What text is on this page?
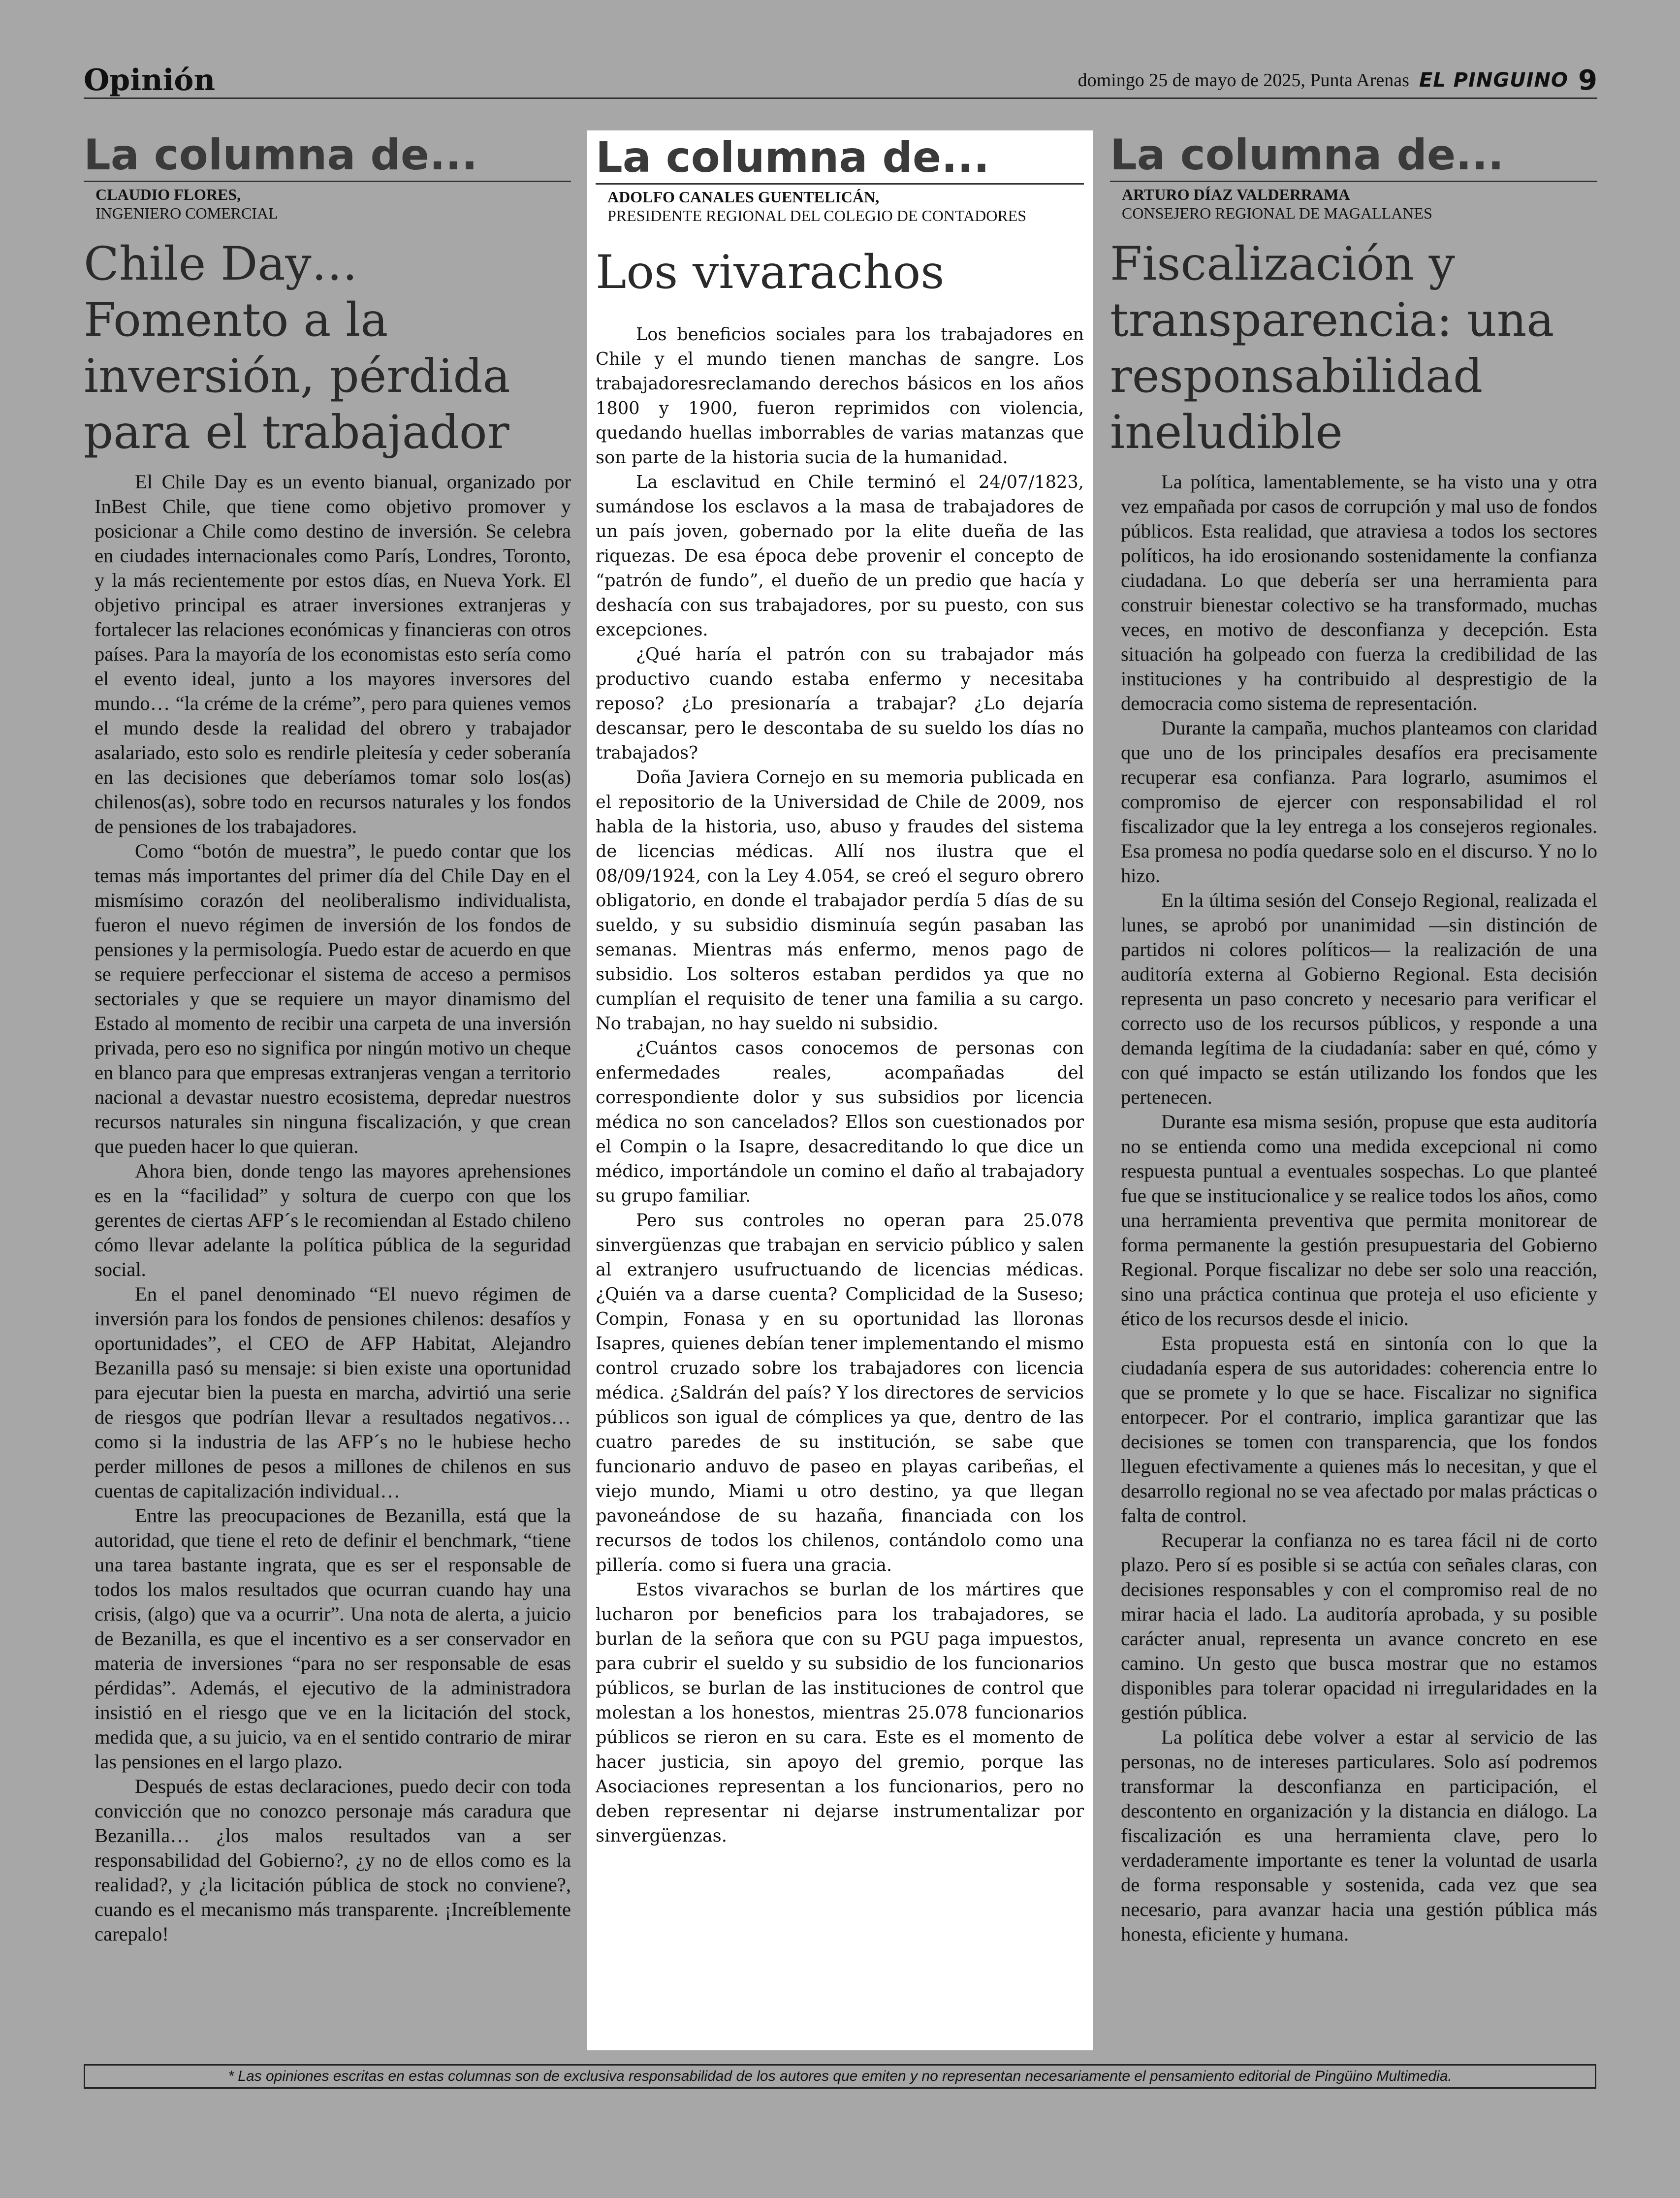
Opinión	domingo 25 de mayo de 2025, Punta Arenas EL PINGUINO 9
La columna de...
CLAUDIO FLORES,
INGENIERO COMERCIAL
Chile Day… Fomento a la inversión, pérdida para el trabajador

El Chile Day es un evento bianual, organizado por InBest Chile, que tiene como objetivo promover y posicionar a Chile como destino de inversión. Se celebra en ciudades internacionales como París, Londres, Toronto, y la más recientemente por estos días, en Nueva York. El objetivo principal es atraer inversiones extranjeras y fortalecer las relaciones económicas y financieras con otros países. Para la mayoría de los economistas esto sería como el evento ideal, junto a los mayores inversores del mundo… “la créme de la créme”, pero para quienes vemos el mundo desde la realidad del obrero y trabajador asalariado, esto solo es rendirle pleitesía y ceder soberanía en las decisiones que deberíamos tomar solo los(as) chilenos(as), sobre todo en recursos naturales y los fondos de pensiones de los trabajadores.

Como “botón de muestra”, le puedo contar que los temas más importantes del primer día del Chile Day en el mismísimo corazón del neoliberalismo individualista, fueron el nuevo régimen de inversión de los fondos de pensiones y la permisología. Puedo estar de acuerdo en que se requiere perfeccionar el sistema de acceso a permisos sectoriales y que se requiere un mayor dinamismo del Estado al momento de recibir una carpeta de una inversión privada, pero eso no significa por ningún motivo un cheque en blanco para que empresas extranjeras vengan a territorio nacional a devastar nuestro ecosistema, depredar nuestros recursos naturales sin ninguna fiscalización, y que crean que pueden hacer lo que quieran.

Ahora bien, donde tengo las mayores aprehensiones es en la “facilidad” y soltura de cuerpo con que los gerentes de ciertas AFP´s le recomiendan al Estado chileno cómo llevar adelante la política pública de la seguridad social.

En el panel denominado “El nuevo régimen de inversión para los fondos de pensiones chilenos: desafíos y oportunidades”, el CEO de AFP Habitat, Alejandro Bezanilla pasó su mensaje: si bien existe una oportunidad para ejecutar bien la puesta en marcha, advirtió una serie de riesgos que podrían llevar a resultados negativos… como si la industria de las AFP´s no le hubiese hecho perder millones de pesos a millones de chilenos en sus cuentas de capitalización individual…

Entre las preocupaciones de Bezanilla, está que la autoridad, que tiene el reto de definir el benchmark, “tiene una tarea bastante ingrata, que es ser el responsable de todos los malos resultados que ocurran cuando hay una crisis, (algo) que va a ocurrir”. Una nota de alerta, a juicio de Bezanilla, es que el incentivo es a ser conservador en materia de inversiones “para no ser responsable de esas pérdidas”. Además, el ejecutivo de la administradora insistió en el riesgo que ve en la licitación del stock, medida que, a su juicio, va en el sentido contrario de mirar las pensiones en el largo plazo.

Después de estas declaraciones, puedo decir con toda convicción que no conozco personaje más caradura que Bezanilla… ¿los malos resultados van a ser responsabilidad del Gobierno?, ¿y no de ellos como es la realidad?, y ¿la licitación pública de stock no conviene?, cuando es el mecanismo más transparente. ¡Increíblemente carepalo!

La columna de...
ADOLFO CANALES GUENTELICÁN,
PRESIDENTE REGIONAL DEL COLEGIO DE CONTADORES
Los vivarachos

Los beneficios sociales para los trabajadores en Chile y el mundo tienen manchas de sangre. Los trabajadoresreclamando derechos básicos en los años 1800 y 1900, fueron reprimidos con violencia, quedando huellas imborrables de varias matanzas que son parte de la historia sucia de la humanidad.

La esclavitud en Chile terminó el 24/07/1823, sumándose los esclavos a la masa de trabajadores de un país joven, gobernado por la elite dueña de las riquezas. De esa época debe provenir el concepto de “patrón de fundo”, el dueño de un predio que hacía y deshacía con sus trabajadores, por su puesto, con sus excepciones.

¿Qué haría el patrón con su trabajador más productivo cuando estaba enfermo y necesitaba reposo? ¿Lo presionaría a trabajar? ¿Lo dejaría descansar, pero le descontaba de su sueldo los días no trabajados?

Doña Javiera Cornejo en su memoria publicada en el repositorio de la Universidad de Chile de 2009, nos habla de la historia, uso, abuso y fraudes del sistema de licencias médicas. Allí nos ilustra que el 08/09/1924, con la Ley 4.054, se creó el seguro obrero obligatorio, en donde el trabajador perdía 5 días de su sueldo, y su subsidio disminuía según pasaban las semanas. Mientras más enfermo, menos pago de subsidio. Los solteros estaban perdidos ya que no cumplían el requisito de tener una familia a su cargo. No trabajan, no hay sueldo ni subsidio.

¿Cuántos casos conocemos de personas con enfermedades reales, acompañadas del correspondiente dolor y sus subsidios por licencia médica no son cancelados? Ellos son cuestionados por el Compin o la Isapre, desacreditando lo que dice un médico, importándole un comino el daño al trabajadory su grupo familiar.

Pero sus controles no operan para 25.078 sinvergüenzas que trabajan en servicio público y salen al extranjero usufructuando de licencias médicas. ¿Quién va a darse cuenta? Complicidad de la Suseso; Compin, Fonasa y en su oportunidad las lloronas Isapres, quienes debían tener implementando el mismo control cruzado sobre los trabajadores con licencia médica. ¿Saldrán del país? Y los directores de servicios públicos son igual de cómplices ya que, dentro de las cuatro paredes de su institución, se sabe que funcionario anduvo de paseo en playas caribeñas, el viejo mundo, Miami u otro destino, ya que llegan pavoneándose de su hazaña, financiada con los recursos de todos los chilenos, contándolo como una pillería. como si fuera una gracia.

Estos vivarachos se burlan de los mártires que lucharon por beneficios para los trabajadores, se burlan de la señora que con su PGU paga impuestos, para cubrir el sueldo y su subsidio de los funcionarios públicos, se burlan de las instituciones de control que molestan a los honestos, mientras 25.078 funcionarios públicos se rieron en su cara. Este es el momento de hacer justicia, sin apoyo del gremio, porque las Asociaciones representan a los funcionarios, pero no deben representar ni dejarse instrumentalizar por sinvergüenzas.

La columna de...
ARTURO DÍAZ VALDERRAMA
CONSEJERO REGIONAL DE MAGALLANES
Fiscalización y transparencia: una responsabilidad ineludible

La política, lamentablemente, se ha visto una y otra vez empañada por casos de corrupción y mal uso de fondos públicos. Esta realidad, que atraviesa a todos los sectores políticos, ha ido erosionando sostenidamente la confianza ciudadana. Lo que debería ser una herramienta para construir bienestar colectivo se ha transformado, muchas veces, en motivo de desconfianza y decepción. Esta situación ha golpeado con fuerza la credibilidad de las instituciones y ha contribuido al desprestigio de la democracia como sistema de representación.

Durante la campaña, muchos planteamos con claridad que uno de los principales desafíos era precisamente recuperar esa confianza. Para lograrlo, asumimos el compromiso de ejercer con responsabilidad el rol fiscalizador que la ley entrega a los consejeros regionales. Esa promesa no podía quedarse solo en el discurso. Y no lo hizo.

En la última sesión del Consejo Regional, realizada el lunes, se aprobó por unanimidad —sin distinción de partidos ni colores políticos— la realización de una auditoría externa al Gobierno Regional. Esta decisión representa un paso concreto y necesario para verificar el correcto uso de los recursos públicos, y responde a una demanda legítima de la ciudadanía: saber en qué, cómo y con qué impacto se están utilizando los fondos que les pertenecen.

Durante esa misma sesión, propuse que esta auditoría no se entienda como una medida excepcional ni como respuesta puntual a eventuales sospechas. Lo que planteé fue que se institucionalice y se realice todos los años, como una herramienta preventiva que permita monitorear de forma permanente la gestión presupuestaria del Gobierno Regional. Porque fiscalizar no debe ser solo una reacción, sino una práctica continua que proteja el uso eficiente y ético de los recursos desde el inicio.

Esta propuesta está en sintonía con lo que la ciudadanía espera de sus autoridades: coherencia entre lo que se promete y lo que se hace. Fiscalizar no significa entorpecer. Por el contrario, implica garantizar que las decisiones se tomen con transparencia, que los fondos lleguen efectivamente a quienes más lo necesitan, y que el desarrollo regional no se vea afectado por malas prácticas o falta de control.

Recuperar la confianza no es tarea fácil ni de corto plazo. Pero sí es posible si se actúa con señales claras, con decisiones responsables y con el compromiso real de no mirar hacia el lado. La auditoría aprobada, y su posible carácter anual, representa un avance concreto en ese camino. Un gesto que busca mostrar que no estamos disponibles para tolerar opacidad ni irregularidades en la gestión pública.

La política debe volver a estar al servicio de las personas, no de intereses particulares. Solo así podremos transformar la desconfianza en participación, el descontento en organización y la distancia en diálogo. La fiscalización es una herramienta clave, pero lo verdaderamente importante es tener la voluntad de usarla de forma responsable y sostenida, cada vez que sea necesario, para avanzar hacia una gestión pública más honesta, eficiente y humana.

* Las opiniones escritas en estas columnas son de exclusiva responsabilidad de los autores que emiten y no representan necesariamente el pensamiento editorial de Pingüino Multimedia.
